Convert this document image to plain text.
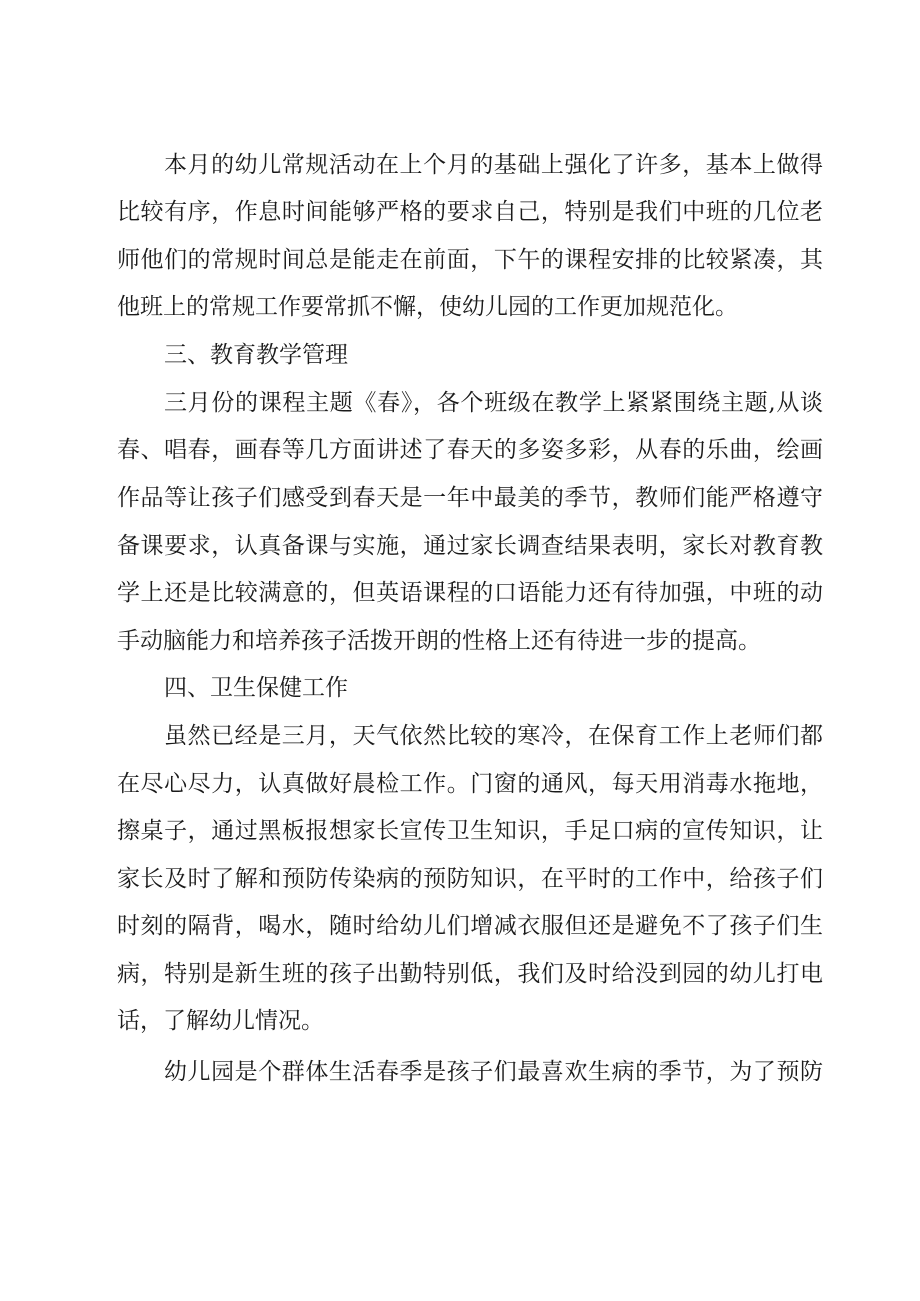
本月的幼儿常规活动在上个月的基础上强化了许多，基本上做得
比较有序，作息时间能够严格的要求自己，特别是我们中班的几位老
师他们的常规时间总是能走在前面，下午的课程安排的比较紧凑，其
他班上的常规工作要常抓不懈，使幼儿园的工作更加规范化。
三、教育教学管理
三月份的课程主题《春》，各个班级在教学上紧紧围绕主题,从谈
春、唱春，画春等几方面讲述了春天的多姿多彩，从春的乐曲，绘画
作品等让孩子们感受到春天是一年中最美的季节，教师们能严格遵守
备课要求，认真备课与实施，通过家长调查结果表明，家长对教育教
学上还是比较满意的，但英语课程的口语能力还有待加强，中班的动
手动脑能力和培养孩子活拨开朗的性格上还有待进一步的提高。
四、卫生保健工作
虽然已经是三月，天气依然比较的寒冷，在保育工作上老师们都
在尽心尽力，认真做好晨检工作。门窗的通风，每天用消毒水拖地，
擦桌子，通过黑板报想家长宣传卫生知识，手足口病的宣传知识，让
家长及时了解和预防传染病的预防知识，在平时的工作中，给孩子们
时刻的隔背，喝水，随时给幼儿们增减衣服但还是避免不了孩子们生
病，特别是新生班的孩子出勤特别低，我们及时给没到园的幼儿打电
话，了解幼儿情况。
幼儿园是个群体生活春季是孩子们最喜欢生病的季节，为了预防
